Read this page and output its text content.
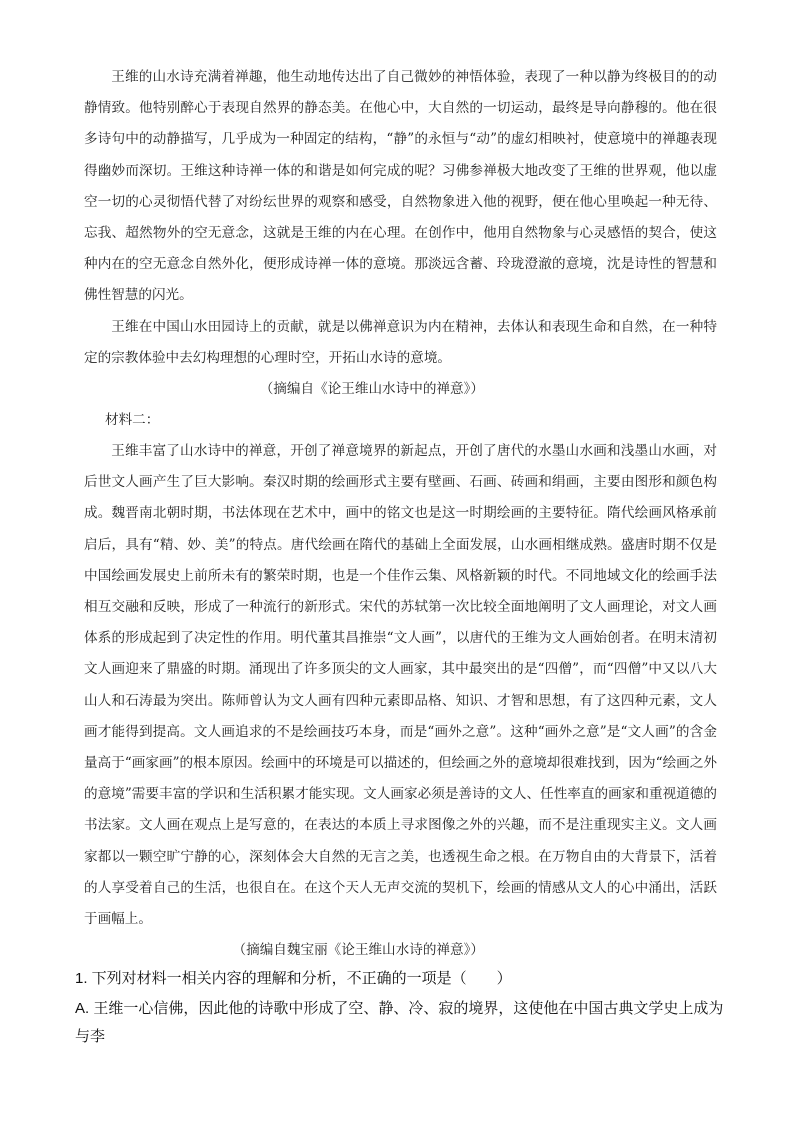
王维的山水诗充满着禅趣，他生动地传达出了自己微妙的神悟体验，表现了一种以静为终极目的的动静情致。他特别醉心于表现自然界的静态美。在他心中，大自然的一切运动，最终是导向静穆的。他在很多诗句中的动静描写，几乎成为一种固定的结构，“静”的永恒与“动”的虚幻相映衬，使意境中的禅趣表现得幽妙而深切。王维这种诗禅一体的和谐是如何完成的呢？习佛参禅极大地改变了王维的世界观，他以虚空一切的心灵彻悟代替了对纷纭世界的观察和感受，自然物象进入他的视野，便在他心里唤起一种无待、忘我、超然物外的空无意念，这就是王维的内在心理。在创作中，他用自然物象与心灵感悟的契合，使这种内在的空无意念自然外化，便形成诗禅一体的意境。那淡远含蓄、玲珑澄澈的意境，沈是诗性的智慧和佛性智慧的闪光。

王维在中国山水田园诗上的贡献，就是以佛禅意识为内在精神，去体认和表现生命和自然，在一种特定的宗教体验中去幻构理想的心理时空，开拓山水诗的意境。

（摘编自《论王维山水诗中的禅意》）
材料二：

王维丰富了山水诗中的禅意，开创了禅意境界的新起点，开创了唐代的水墨山水画和浅墨山水画，对后世文人画产生了巨大影响。秦汉时期的绘画形式主要有壁画、石画、砖画和绢画，主要由图形和颜色构成。魏晋南北朝时期，书法体现在艺术中，画中的铭文也是这一时期绘画的主要特征。隋代绘画风格承前启后，具有“精、妙、美”的特点。唐代绘画在隋代的基础上全面发展，山水画相继成熟。盛唐时期不仅是中国绘画发展史上前所未有的繁荣时期，也是一个佳作云集、风格新颖的时代。不同地域文化的绘画手法相互交融和反映，形成了一种流行的新形式。宋代的苏轼第一次比较全面地阐明了文人画理论，对文人画体系的形成起到了决定性的作用。明代董其昌推崇“文人画”，以唐代的王维为文人画始创者。在明末清初文人画迎来了鼎盛的时期。涌现出了许多顶尖的文人画家，其中最突出的是“四僧”，而“四僧”中又以八大山人和石涛最为突出。陈师曾认为文人画有四种元素即品格、知识、才智和思想，有了这四种元素，文人画才能得到提高。文人画追求的不是绘画技巧本身，而是“画外之意”。这种“画外之意”是“文人画”的含金量高于“画家画”的根本原因。绘画中的环境是可以描述的，但绘画之外的意境却很难找到，因为“绘画之外的意境”需要丰富的学识和生活积累才能实现。文人画家必须是善诗的文人、任性率直的画家和重视道德的书法家。文人画在观点上是写意的，在表达的本质上寻求图像之外的兴趣，而不是注重现实主义。文人画家都以一颗空旷宁静的心，深刻体会大自然的无言之美，也透视生命之根。在万物自由的大背景下，活着的人享受着自己的生活，也很自在。在这个天人无声交流的契机下，绘画的情感从文人的心中涌出，活跃于画幅上。

（摘编自魏宝丽《论王维山水诗的禅意》）
1. 下列对材料一相关内容的理解和分析，不正确的一项是（　　）
A. 王维一心信佛，因此他的诗歌中形成了空、静、冷、寂的境界，这使他在中国古典文学史上成为与李
